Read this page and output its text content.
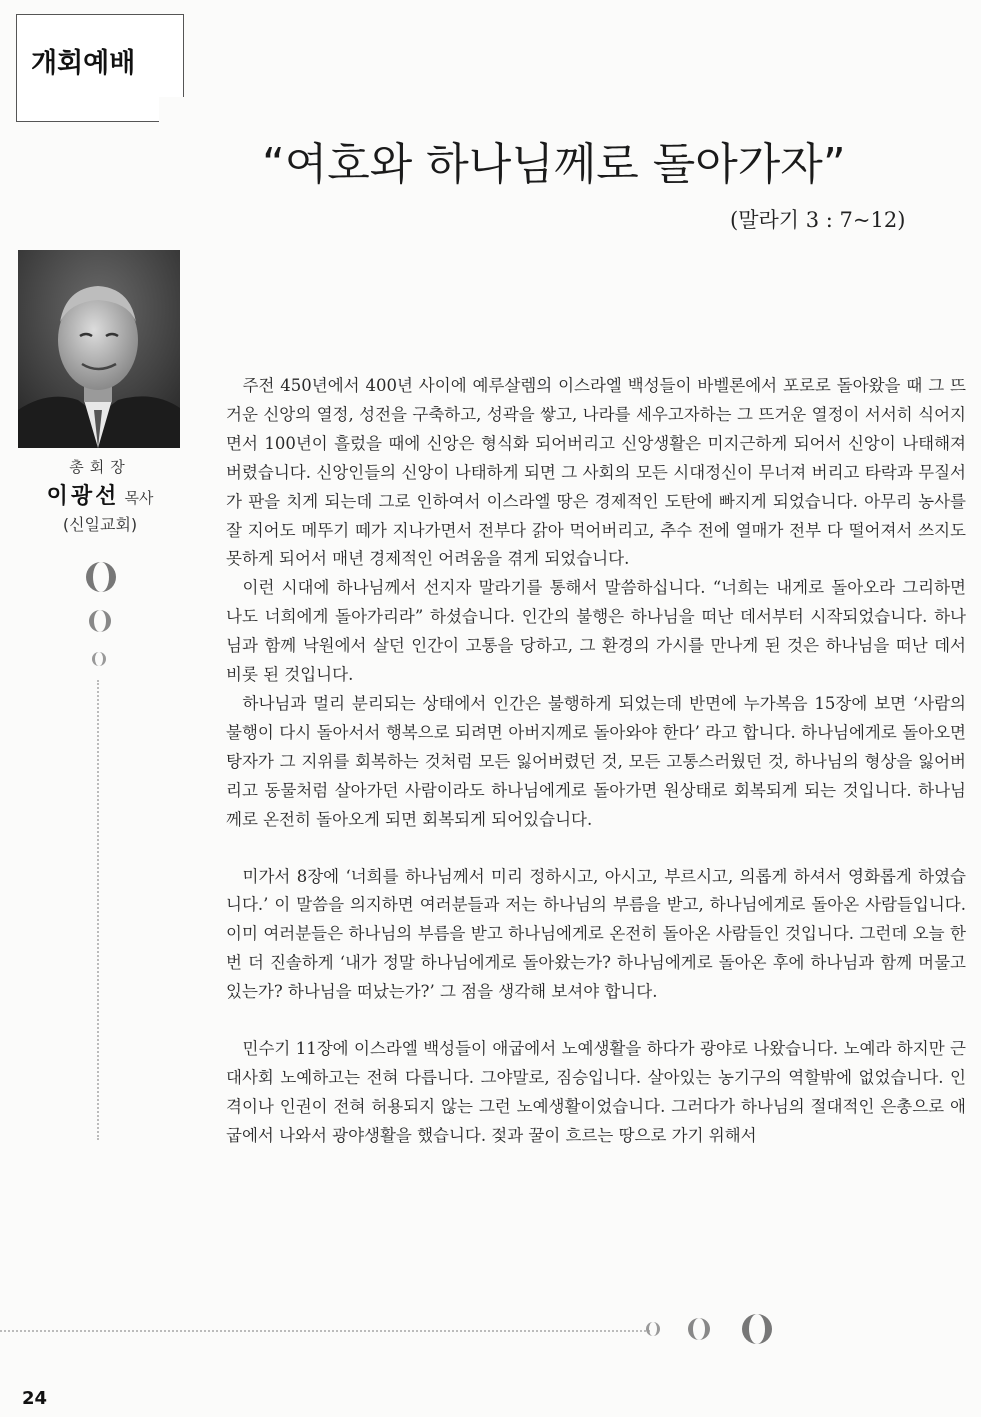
개회예배
“여호와 하나님께로 돌아가자”
(말라기 3 : 7~12)
총회장
이광선 목사
(신일교회)

주전 450년에서 400년 사이에 예루살렘의 이스라엘 백성들이 바벨론에서 포로로 돌아왔을 때 그 뜨거운 신앙의 열정, 성전을 구축하고, 성곽을 쌓고, 나라를 세우고자하는 그 뜨거운 열정이 서서히 식어지면서 100년이 흘렀을 때에 신앙은 형식화 되어버리고 신앙생활은 미지근하게 되어서 신앙이 나태해져 버렸습니다. 신앙인들의 신앙이 나태하게 되면 그 사회의 모든 시대정신이 무너져 버리고 타락과 무질서가 판을 치게 되는데 그로 인하여서 이스라엘 땅은 경제적인 도탄에 빠지게 되었습니다. 아무리 농사를 잘 지어도 메뚜기 떼가 지나가면서 전부다 갉아 먹어버리고, 추수 전에 열매가 전부 다 떨어져서 쓰지도 못하게 되어서 매년 경제적인 어려움을 겪게 되었습니다.

이런 시대에 하나님께서 선지자 말라기를 통해서 말씀하십니다. “너희는 내게로 돌아오라 그리하면 나도 너희에게 돌아가리라” 하셨습니다. 인간의 불행은 하나님을 떠난 데서부터 시작되었습니다. 하나님과 함께 낙원에서 살던 인간이 고통을 당하고, 그 환경의 가시를 만나게 된 것은 하나님을 떠난 데서 비롯 된 것입니다.

하나님과 멀리 분리되는 상태에서 인간은 불행하게 되었는데 반면에 누가복음 15장에 보면 ‘사람의 불행이 다시 돌아서서 행복으로 되려면 아버지께로 돌아와야 한다’ 라고 합니다. 하나님에게로 돌아오면 탕자가 그 지위를 회복하는 것처럼 모든 잃어버렸던 것, 모든 고통스러웠던 것, 하나님의 형상을 잃어버리고 동물처럼 살아가던 사람이라도 하나님에게로 돌아가면 원상태로 회복되게 되는 것입니다. 하나님께로 온전히 돌아오게 되면 회복되게 되어있습니다.

미가서 8장에 ‘너희를 하나님께서 미리 정하시고, 아시고, 부르시고, 의롭게 하셔서 영화롭게 하였습니다.’ 이 말씀을 의지하면 여러분들과 저는 하나님의 부름을 받고, 하나님에게로 돌아온 사람들입니다. 이미 여러분들은 하나님의 부름을 받고 하나님에게로 온전히 돌아온 사람들인 것입니다. 그런데 오늘 한번 더 진솔하게 ‘내가 정말 하나님에게로 돌아왔는가? 하나님에게로 돌아온 후에 하나님과 함께 머물고 있는가? 하나님을 떠났는가?’ 그 점을 생각해 보셔야 합니다.

민수기 11장에 이스라엘 백성들이 애굽에서 노예생활을 하다가 광야로 나왔습니다. 노예라 하지만 근대사회 노예하고는 전혀 다릅니다. 그야말로, 짐승입니다. 살아있는 농기구의 역할밖에 없었습니다. 인격이나 인권이 전혀 허용되지 않는 그런 노예생활이었습니다. 그러다가 하나님의 절대적인 은총으로 애굽에서 나와서 광야생활을 했습니다. 젖과 꿀이 흐르는 땅으로 가기 위해서

24
